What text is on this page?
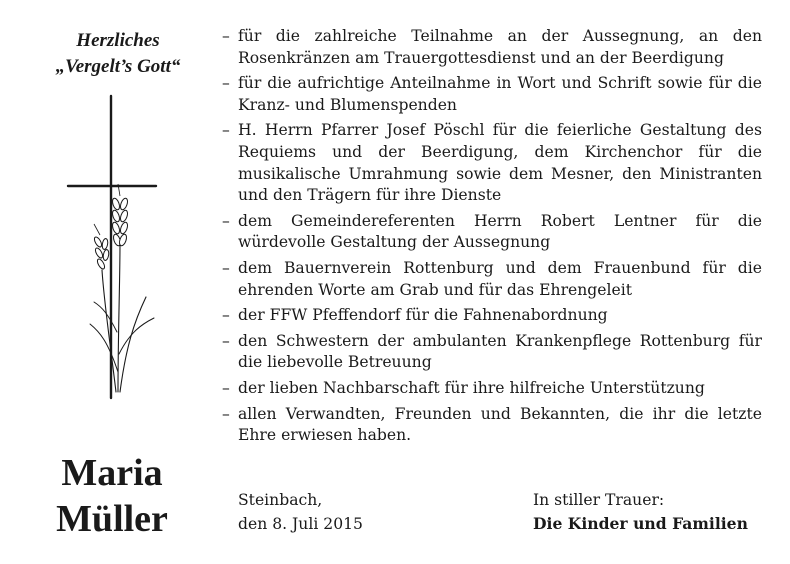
Herzliches
„Vergelt’s Gott“
Maria
Müller
– für die zahlreiche Teilnahme an der Aussegnung, an den Rosenkränzen am Trauergottesdienst und an der Beerdigung
– für die aufrichtige Anteilnahme in Wort und Schrift sowie für die Kranz- und Blumenspenden
– H. Herrn Pfarrer Josef Pöschl für die feierliche Gestaltung des Requiems und der Beerdigung, dem Kirchenchor für die musikalische Umrahmung sowie dem Mesner, den Ministranten und den Trägern für ihre Dienste
– dem Gemeindereferenten Herrn Robert Lentner für die würdevolle Gestaltung der Aussegnung
– dem Bauernverein Rottenburg und dem Frauenbund für die ehrenden Worte am Grab und für das Ehrengeleit
– der FFW Pfeffendorf für die Fahnenabordnung
– den Schwestern der ambulanten Krankenpflege Rottenburg für die liebevolle Betreuung
– der lieben Nachbarschaft für ihre hilfreiche Unterstützung
– allen Verwandten, Freunden und Bekannten, die ihr die letzte Ehre erwiesen haben.
Steinbach,
den 8. Juli 2015
In stiller Trauer:
Die Kinder und Familien
